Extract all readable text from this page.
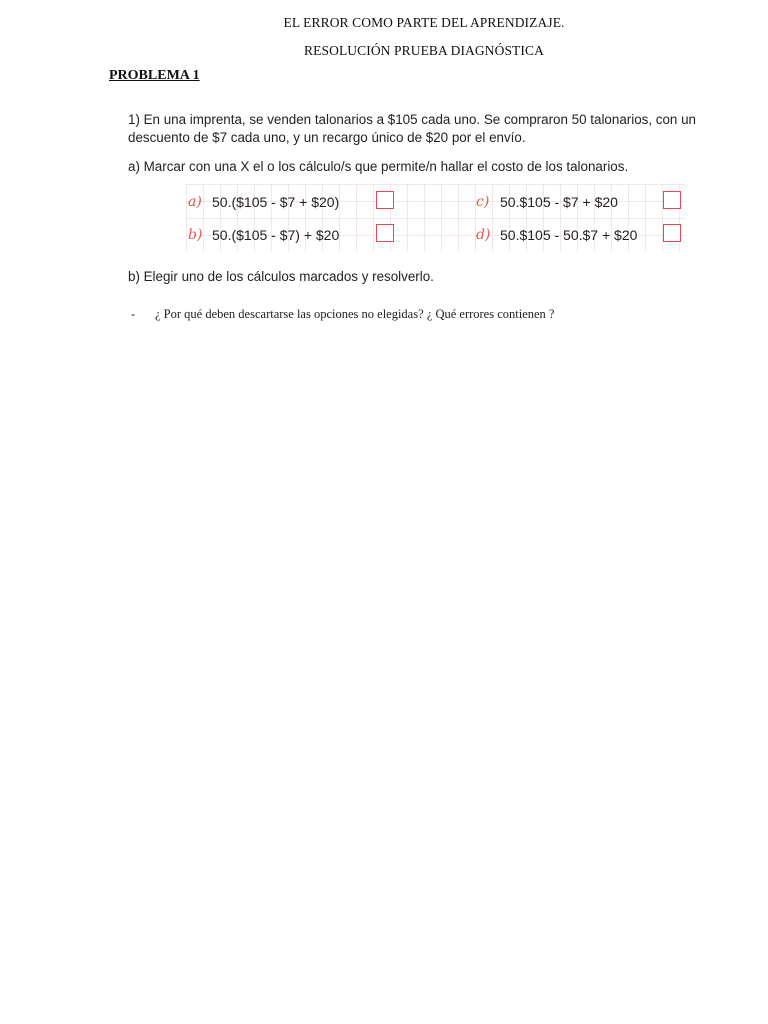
EL ERROR COMO PARTE DEL APRENDIZAJE.
RESOLUCIÓN PRUEBA DIAGNÓSTICA
PROBLEMA 1
1) En una imprenta, se venden talonarios a $105 cada uno. Se compraron 50 talonarios, con un descuento de $7 cada uno, y un recargo único de $20 por el envío.
a) Marcar con una X el o los cálculo/s que permite/n hallar el costo de los talonarios.
a) 50.($105 - $7 + $20)
b) 50.($105 - $7) + $20
c) 50.$105 - $7 + $20
d) 50.$105 - 50.$7 + $20
b) Elegir uno de los cálculos marcados y resolverlo.
- ¿ Por qué deben descartarse las opciones no elegidas? ¿ Qué errores contienen ?
